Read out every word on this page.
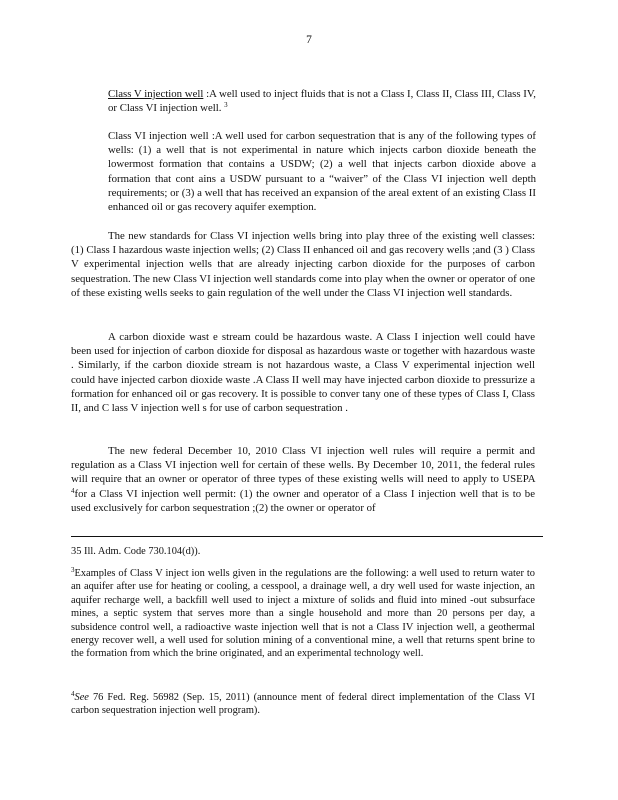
7
Class V injection well :A well used to inject fluids that is not a Class I, Class II, Class III, Class IV, or Class VI injection well. $^3$
Class VI injection well :A well used for carbon sequestration that is any of the following types of wells: (1) a well that is not experimental in nature which injects carbon dioxide beneath the lowermost formation that contains a USDW; (2) a well that injects carbon dioxide above a formation that cont ains a USDW pursuant to a “waiver” of the Class VI injection well depth requirements; or (3) a well that has received an expansion of the areal extent of an existing Class II enhanced oil or gas recovery aquifer exemption.
The new standards for Class VI injection wells bring into play three of the existing well classes: (1) Class I hazardous waste injection wells; (2) Class II enhanced oil and gas recovery wells ;and (3 ) Class V experimental injection wells that are already injecting carbon dioxide for the purposes of carbon sequestration. The new Class VI injection well standards come into play when the owner or operator of one of these existing wells seeks to gain regulation of the well under the Class VI injection well standards.
A carbon dioxide wast e stream could be hazardous waste. A Class I injection well could have been used for injection of carbon dioxide for disposal as hazardous waste or together with hazardous waste . Similarly, if the carbon dioxide stream is not hazardous waste, a Class V experimental injection well could have injected carbon dioxide waste .A Class II well may have injected carbon dioxide to pressurize a formation for enhanced oil or gas recovery. It is possible to conver tany one of these types of Class I, Class II, and C lass V injection well s for use of carbon sequestration .
The new federal December 10, 2010 Class VI injection well rules will require a permit and regulation as a Class VI injection well for certain of these wells. By December 10, 2011, the federal rules will require that an owner or operator of three types of these existing wells will need to apply to USEPA $^4$for a Class VI injection well permit: (1) the owner and operator of a Class I injection well that is to be used exclusively for carbon sequestration ;(2) the owner or operator of
35 Ill. Adm. Code 730.104(d)).
$^3$Examples of Class V inject ion wells given in the regulations are the following: a well used to return water to an aquifer after use for heating or cooling, a cesspool, a drainage well, a dry well used for waste injection, an aquifer recharge well, a backfill well used to inject a mixture of solids and fluid into mined -out subsurface mines, a septic system that serves more than a single household and more than 20 persons per day, a subsidence control well, a radioactive waste injection well that is not a Class IV injection well, a geothermal energy recover well, a well used for solution mining of a conventional mine, a well that returns spent brine to the formation from which the brine originated, and an experimental technology well.
$^4$See 76 Fed. Reg. 56982 (Sep. 15, 2011) (announce ment of federal direct implementation of the Class VI carbon sequestration injection well program).
